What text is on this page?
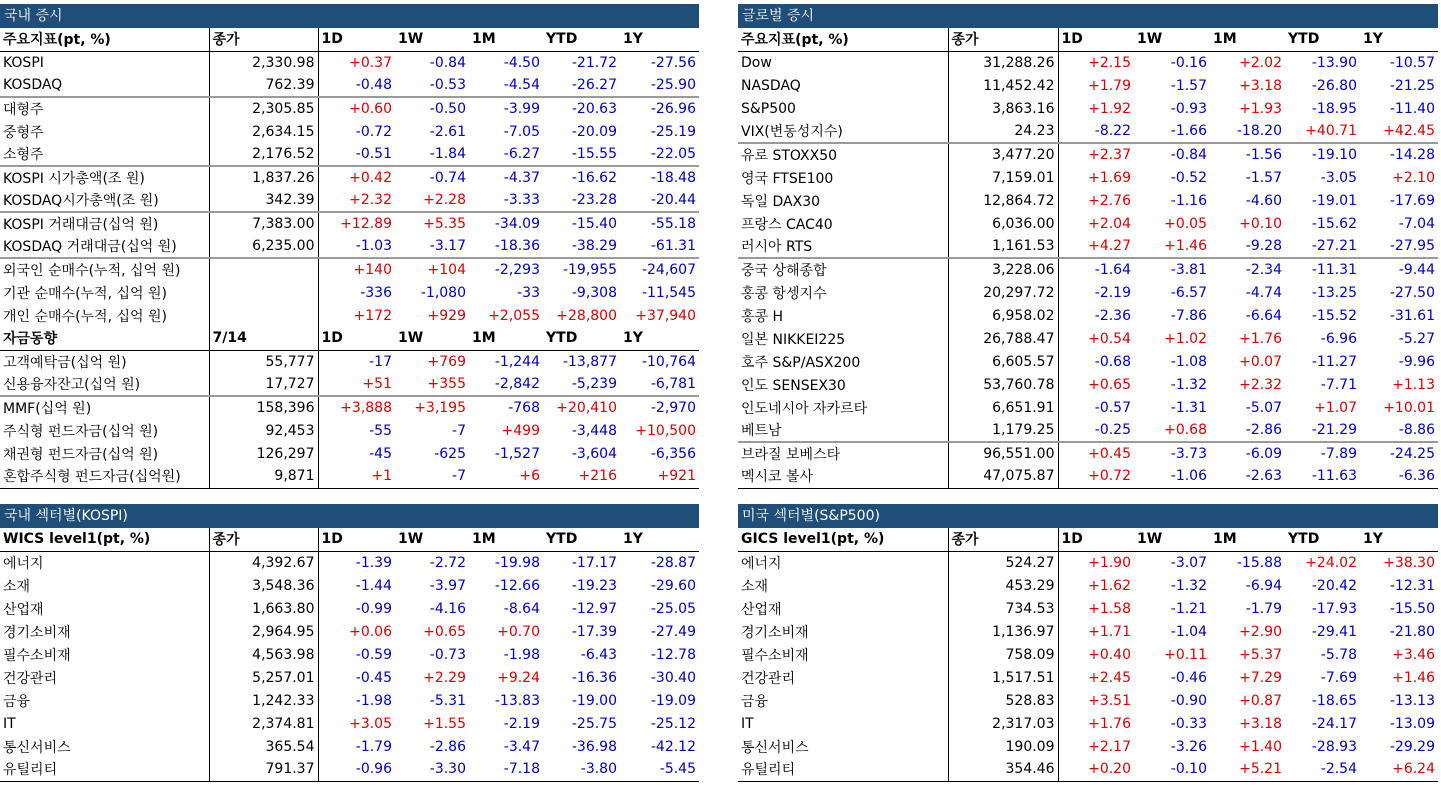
국내 증시
주요지표(pt, %)	종가	1D	1W	1M	YTD	1Y
KOSPI	2,330.98	+0.37	-0.84	-4.50	-21.72	-27.56
KOSDAQ	762.39	-0.48	-0.53	-4.54	-26.27	-25.90
대형주	2,305.85	+0.60	-0.50	-3.99	-20.63	-26.96
중형주	2,634.15	-0.72	-2.61	-7.05	-20.09	-25.19
소형주	2,176.52	-0.51	-1.84	-6.27	-15.55	-22.05
KOSPI 시가총액(조 원)	1,837.26	+0.42	-0.74	-4.37	-16.62	-18.48
KOSDAQ시가총액(조 원)	342.39	+2.32	+2.28	-3.33	-23.28	-20.44
KOSPI 거래대금(십억 원)	7,383.00	+12.89	+5.35	-34.09	-15.40	-55.18
KOSDAQ 거래대금(십억 원)	6,235.00	-1.03	-3.17	-18.36	-38.29	-61.31
외국인 순매수(누적, 십억 원)		+140	+104	-2,293	-19,955	-24,607
기관 순매수(누적, 십억 원)		-336	-1,080	-33	-9,308	-11,545
개인 순매수(누적, 십억 원)		+172	+929	+2,055	+28,800	+37,940
자금동향	7/14	1D	1W	1M	YTD	1Y
고객예탁금(십억 원)	55,777	-17	+769	-1,244	-13,877	-10,764
신용융자잔고(십억 원)	17,727	+51	+355	-2,842	-5,239	-6,781
MMF(십억 원)	158,396	+3,888	+3,195	-768	+20,410	-2,970
주식형 펀드자금(십억 원)	92,453	-55	-7	+499	-3,448	+10,500
채권형 펀드자금(십억 원)	126,297	-45	-625	-1,527	-3,604	-6,356
혼합주식형 펀드자금(십억원)	9,871	+1	-7	+6	+216	+921
글로벌 증시
주요지표(pt, %)	종가	1D	1W	1M	YTD	1Y
Dow	31,288.26	+2.15	-0.16	+2.02	-13.90	-10.57
NASDAQ	11,452.42	+1.79	-1.57	+3.18	-26.80	-21.25
S&P500	3,863.16	+1.92	-0.93	+1.93	-18.95	-11.40
VIX(변동성지수)	24.23	-8.22	-1.66	-18.20	+40.71	+42.45
유로 STOXX50	3,477.20	+2.37	-0.84	-1.56	-19.10	-14.28
영국 FTSE100	7,159.01	+1.69	-0.52	-1.57	-3.05	+2.10
독일 DAX30	12,864.72	+2.76	-1.16	-4.60	-19.01	-17.69
프랑스 CAC40	6,036.00	+2.04	+0.05	+0.10	-15.62	-7.04
러시아 RTS	1,161.53	+4.27	+1.46	-9.28	-27.21	-27.95
중국 상해종합	3,228.06	-1.64	-3.81	-2.34	-11.31	-9.44
홍콩 항셍지수	20,297.72	-2.19	-6.57	-4.74	-13.25	-27.50
홍콩 H	6,958.02	-2.36	-7.86	-6.64	-15.52	-31.61
일본 NIKKEI225	26,788.47	+0.54	+1.02	+1.76	-6.96	-5.27
호주 S&P/ASX200	6,605.57	-0.68	-1.08	+0.07	-11.27	-9.96
인도 SENSEX30	53,760.78	+0.65	-1.32	+2.32	-7.71	+1.13
인도네시아 자카르타	6,651.91	-0.57	-1.31	-5.07	+1.07	+10.01
베트남	1,179.25	-0.25	+0.68	-2.86	-21.29	-8.86
브라질 보베스타	96,551.00	+0.45	-3.73	-6.09	-7.89	-24.25
멕시코 볼사	47,075.87	+0.72	-1.06	-2.63	-11.63	-6.36
국내 섹터별(KOSPI)
WICS level1(pt, %)	종가	1D	1W	1M	YTD	1Y
에너지	4,392.67	-1.39	-2.72	-19.98	-17.17	-28.87
소재	3,548.36	-1.44	-3.97	-12.66	-19.23	-29.60
산업재	1,663.80	-0.99	-4.16	-8.64	-12.97	-25.05
경기소비재	2,964.95	+0.06	+0.65	+0.70	-17.39	-27.49
필수소비재	4,563.98	-0.59	-0.73	-1.98	-6.43	-12.78
건강관리	5,257.01	-0.45	+2.29	+9.24	-16.36	-30.40
금융	1,242.33	-1.98	-5.31	-13.83	-19.00	-19.09
IT	2,374.81	+3.05	+1.55	-2.19	-25.75	-25.12
통신서비스	365.54	-1.79	-2.86	-3.47	-36.98	-42.12
유틸리티	791.37	-0.96	-3.30	-7.18	-3.80	-5.45
미국 섹터별(S&P500)
GICS level1(pt, %)	종가	1D	1W	1M	YTD	1Y
에너지	524.27	+1.90	-3.07	-15.88	+24.02	+38.30
소재	453.29	+1.62	-1.32	-6.94	-20.42	-12.31
산업재	734.53	+1.58	-1.21	-1.79	-17.93	-15.50
경기소비재	1,136.97	+1.71	-1.04	+2.90	-29.41	-21.80
필수소비재	758.09	+0.40	+0.11	+5.37	-5.78	+3.46
건강관리	1,517.51	+2.45	-0.46	+7.29	-7.69	+1.46
금융	528.83	+3.51	-0.90	+0.87	-18.65	-13.13
IT	2,317.03	+1.76	-0.33	+3.18	-24.17	-13.09
통신서비스	190.09	+2.17	-3.26	+1.40	-28.93	-29.29
유틸리티	354.46	+0.20	-0.10	+5.21	-2.54	+6.24
